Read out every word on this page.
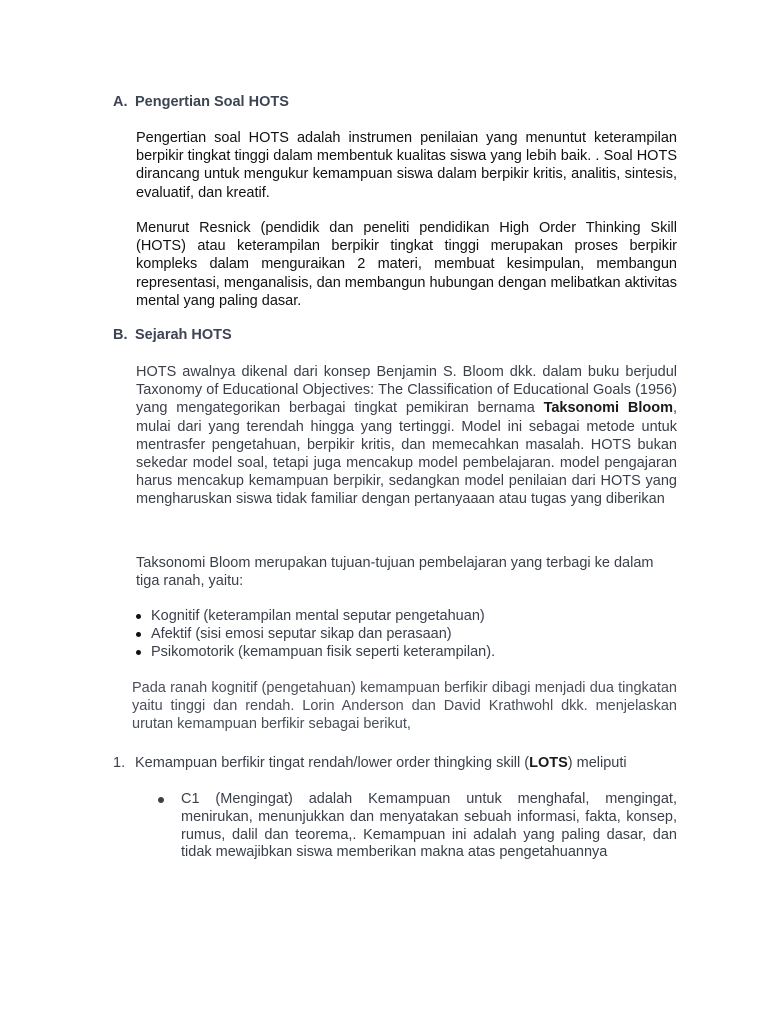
A. Pengertian Soal HOTS

Pengertian soal HOTS adalah instrumen penilaian yang menuntut keterampilan berpikir tingkat tinggi dalam membentuk kualitas siswa yang lebih baik. . Soal HOTS dirancang untuk mengukur kemampuan siswa dalam berpikir kritis, analitis, sintesis, evaluatif, dan kreatif.

Menurut Resnick (pendidik dan peneliti pendidikan High Order Thinking Skill (HOTS) atau keterampilan berpikir tingkat tinggi merupakan proses berpikir kompleks dalam menguraikan 2 materi, membuat kesimpulan, membangun representasi, menganalisis, dan membangun hubungan dengan melibatkan aktivitas mental yang paling dasar.

B. Sejarah HOTS

HOTS awalnya dikenal dari konsep Benjamin S. Bloom dkk. dalam buku berjudul Taxonomy of Educational Objectives: The Classification of Educational Goals (1956) yang mengategorikan berbagai tingkat pemikiran bernama Taksonomi Bloom, mulai dari yang terendah hingga yang tertinggi. Model ini sebagai metode untuk mentrasfer pengetahuan, berpikir kritis, dan memecahkan masalah. HOTS bukan sekedar model soal, tetapi juga mencakup model pembelajaran. model pengajaran harus mencakup kemampuan berpikir, sedangkan model penilaian dari HOTS yang mengharuskan siswa tidak familiar dengan pertanyaaan atau tugas yang diberikan

Taksonomi Bloom merupakan tujuan-tujuan pembelajaran yang terbagi ke dalam tiga ranah, yaitu:

Kognitif (keterampilan mental seputar pengetahuan)
Afektif (sisi emosi seputar sikap dan perasaan)
Psikomotorik (kemampuan fisik seperti keterampilan).

Pada ranah kognitif (pengetahuan) kemampuan berfikir dibagi menjadi dua tingkatan yaitu tinggi dan rendah. Lorin Anderson dan David Krathwohl dkk. menjelaskan urutan kemampuan berfikir sebagai berikut,

1. Kemampuan berfikir tingat rendah/lower order thingking skill (LOTS) meliputi

C1 (Mengingat) adalah Kemampuan untuk menghafal, mengingat, menirukan, menunjukkan dan menyatakan sebuah informasi, fakta, konsep, rumus, dalil dan teorema,. Kemampuan ini adalah yang paling dasar, dan tidak mewajibkan siswa memberikan makna atas pengetahuannya
